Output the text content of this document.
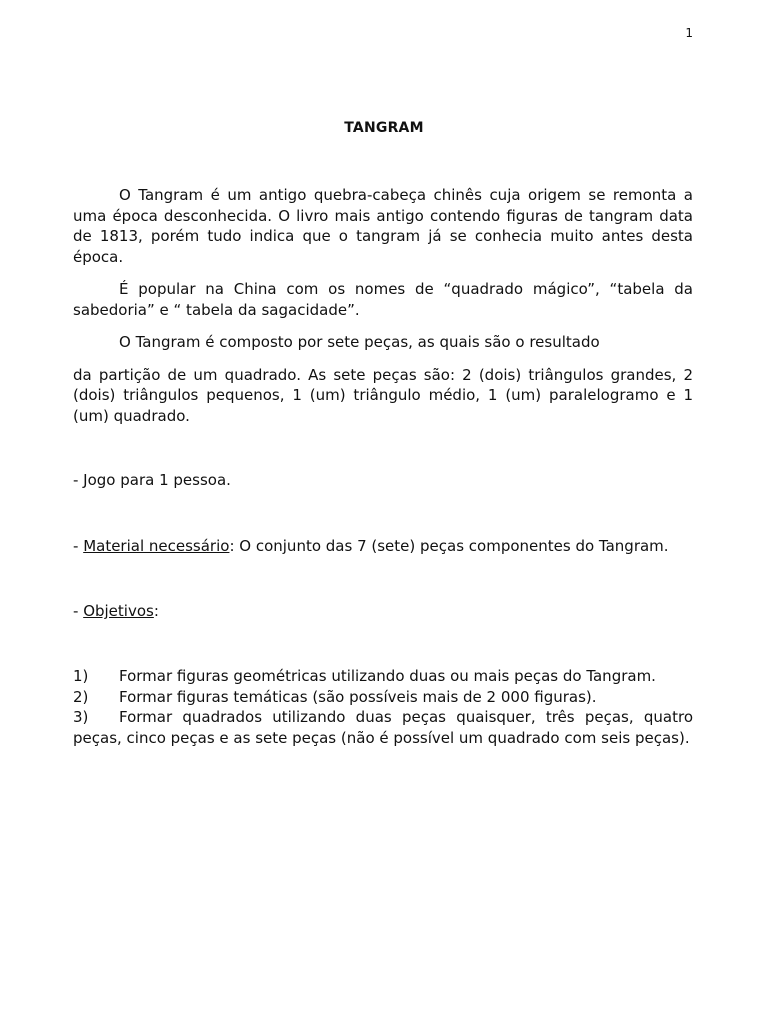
1
TANGRAM

O Tangram é um antigo quebra-cabeça chinês cuja origem se remonta a uma época desconhecida. O livro mais antigo contendo figuras de tangram data de 1813, porém tudo indica que o tangram já se conhecia muito antes desta época.

É popular na China com os nomes de “quadrado mágico”, “tabela da sabedoria” e “ tabela da sagacidade”.

O Tangram é composto por sete peças, as quais são o resultado

da partição de um quadrado. As sete peças são: 2 (dois) triângulos grandes, 2 (dois) triângulos pequenos, 1 (um) triângulo médio, 1 (um) paralelogramo e 1 (um) quadrado.

- Jogo para 1 pessoa.
- Material necessário: O conjunto das 7 (sete) peças componentes do Tangram.
- Objetivos:
1)	Formar figuras geométricas utilizando duas ou mais peças do Tangram.
2)	Formar figuras temáticas (são possíveis mais de 2 000 figuras).
3) Formar quadrados utilizando duas peças quaisquer, três peças, quatro peças, cinco peças e as sete peças (não é possível um quadrado com seis peças).
